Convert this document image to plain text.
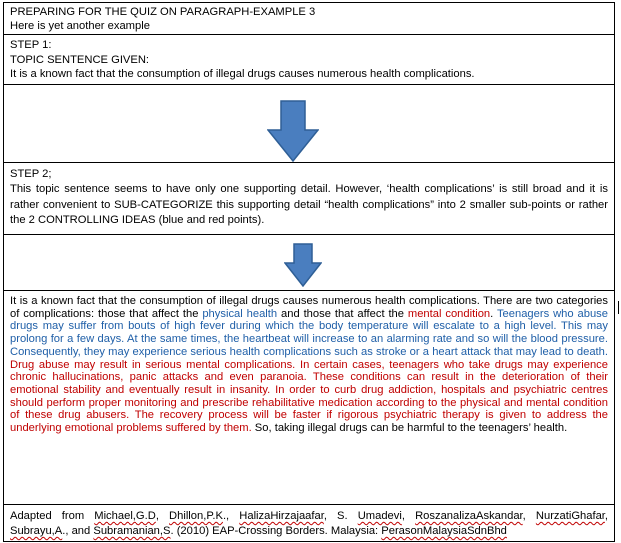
PREPARING FOR THE QUIZ ON PARAGRAPH-EXAMPLE 3

Here is yet another example

STEP 1:

TOPIC SENTENCE GIVEN:

It is a known fact that the consumption of illegal drugs causes numerous health complications.

STEP 2;

This topic sentence seems to have only one supporting detail. However, ‘health complications’ is still broad and it is rather convenient to SUB-CATEGORIZE this supporting detail “health complications” into 2 smaller sub-points or rather the 2 CONTROLLING IDEAS (blue and red points).

It is a known fact that the consumption of illegal drugs causes numerous health complications. There are two categories of complications: those that affect the physical health and those that affect the mental condition. Teenagers who abuse drugs may suffer from bouts of high fever during which the body temperature will escalate to a high level. This may prolong for a few days. At the same times, the heartbeat will increase to an alarming rate and so will the blood pressure. Consequently, they may experience serious health complications such as stroke or a heart attack that may lead to death. Drug abuse may result in serious mental complications. In certain cases, teenagers who take drugs may experience chronic hallucinations, panic attacks and even paranoia. These conditions can result in the deterioration of their emotional stability and eventually result in insanity. In order to curb drug addiction, hospitals and psychiatric centres should perform proper monitoring and prescribe rehabilitative medication according to the physical and mental condition of these drug abusers. The recovery process will be faster if rigorous psychiatric therapy is given to address the underlying emotional problems suffered by them. So, taking illegal drugs can be harmful to the teenagers’ health.

Adapted from Michael,G.D, Dhillon,P.K., HalizaHirzajaafar, S. Umadevi, RoszanalizaAskandar, NurzatiGhafar, Subrayu,A., and Subramanian,S. (2010) EAP-Crossing Borders. Malaysia: PerasonMalaysiaSdnBhd
